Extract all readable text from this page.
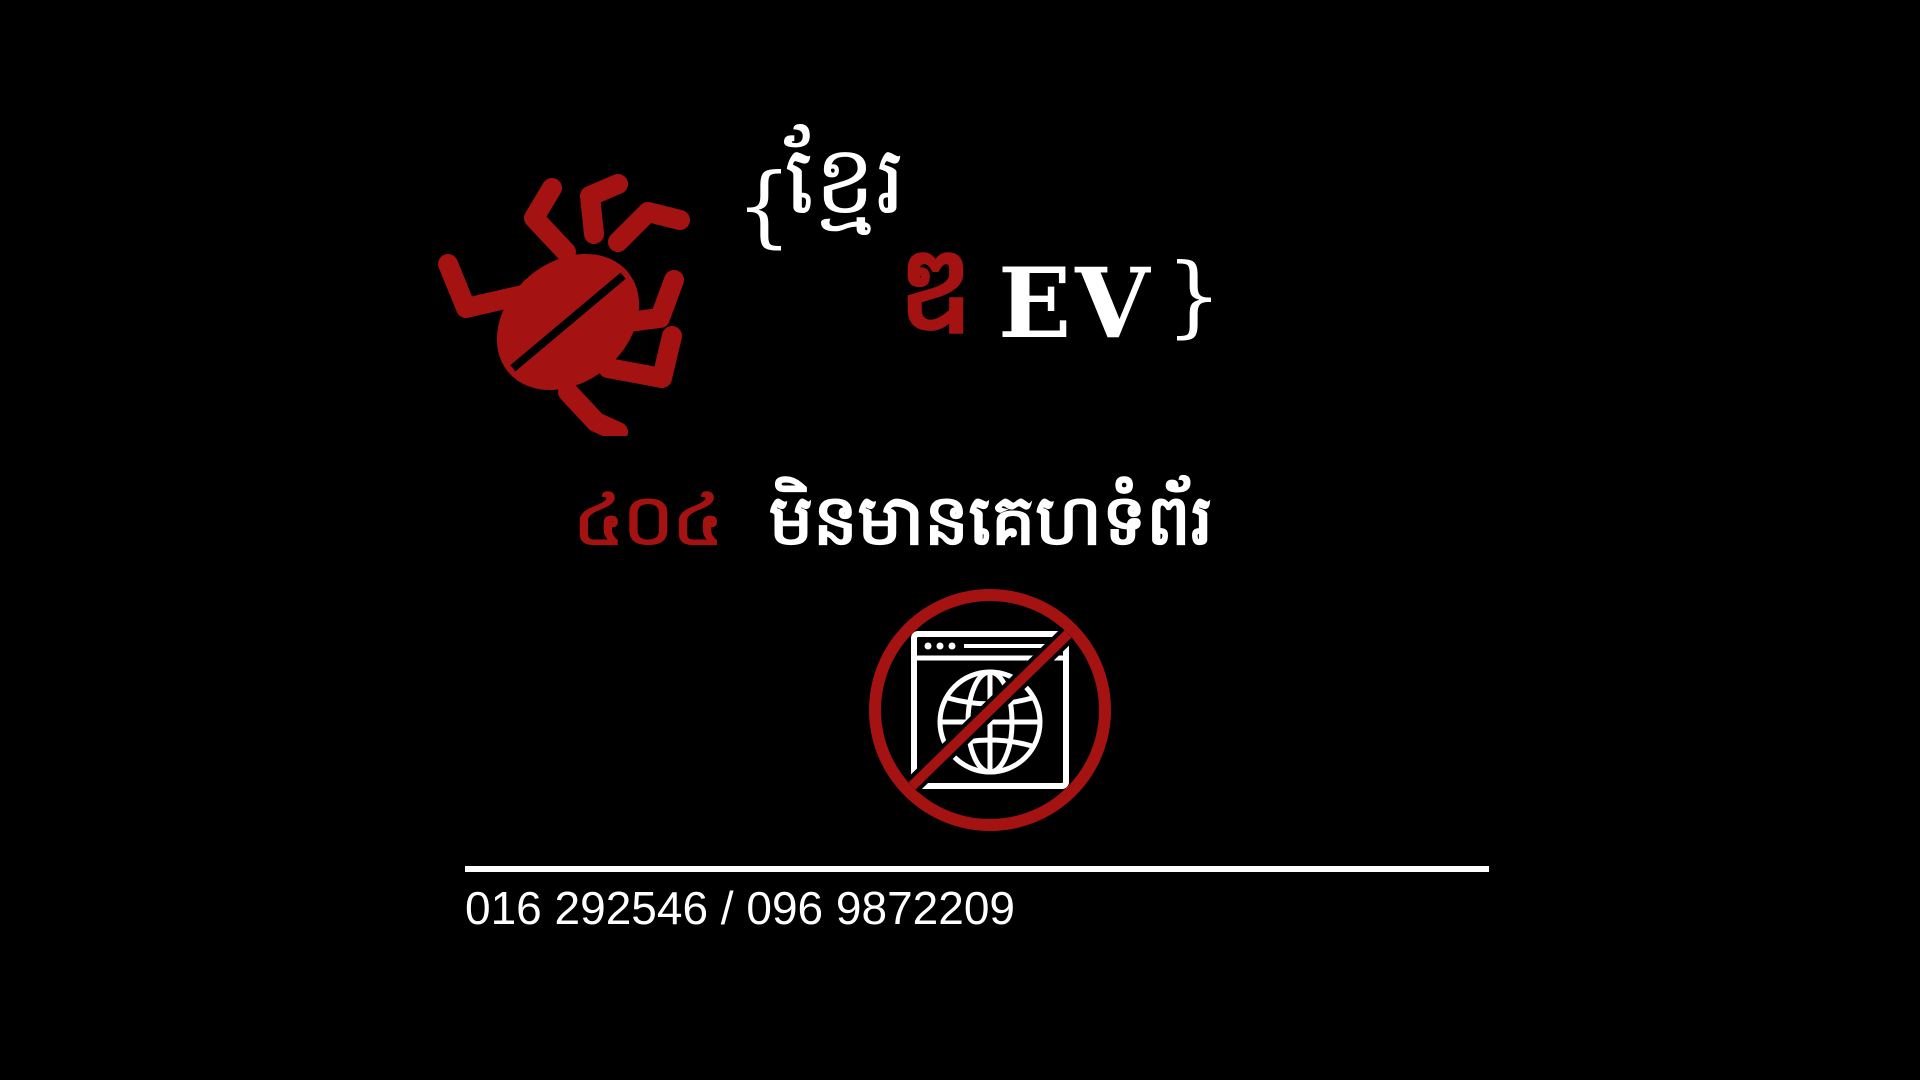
{
ខ្មែរ
ឌ EV }
៤០៤ មិនមានគេហទំព័រ
016 292546 / 096 9872209
